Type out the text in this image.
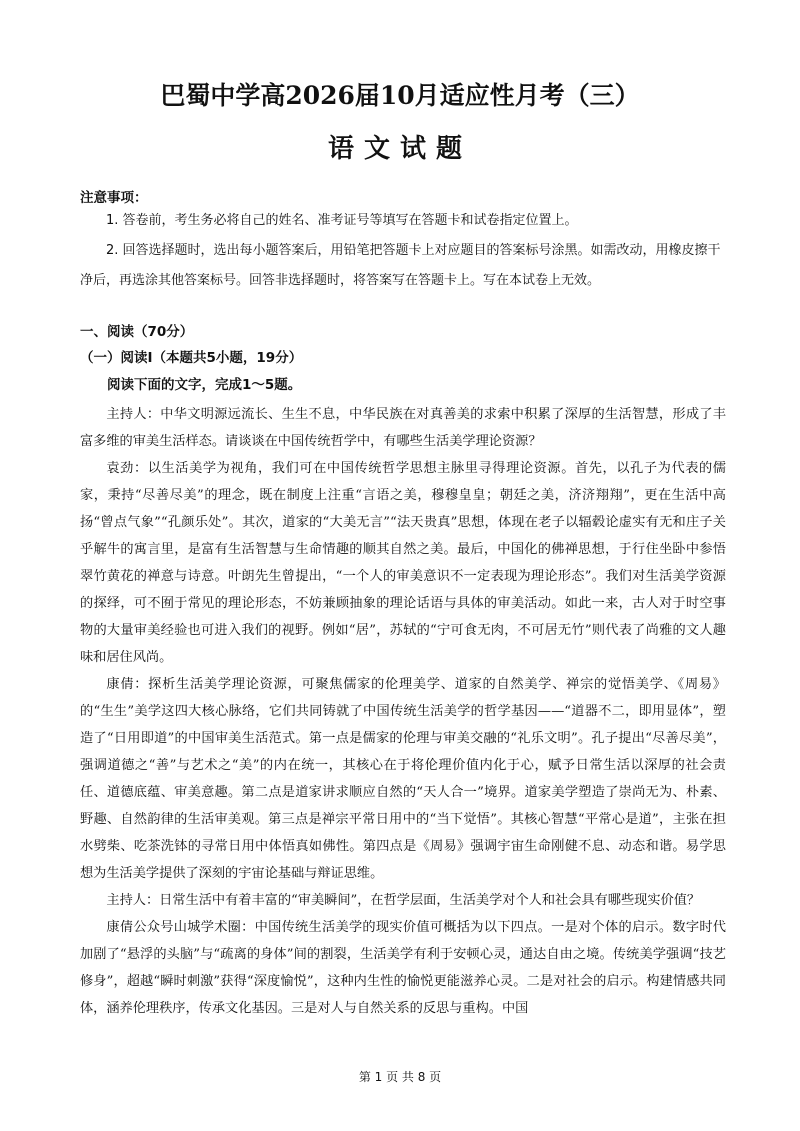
巴蜀中学高2026届10月适应性月考（三）
语文试题
注意事项：

1. 答卷前，考生务必将自己的姓名、准考证号等填写在答题卡和试卷指定位置上。

2. 回答选择题时，选出每小题答案后，用铅笔把答题卡上对应题目的答案标号涂黑。如需改动，用橡皮擦干净后，再选涂其他答案标号。回答非选择题时，将答案写在答题卡上。写在本试卷上无效。

一、阅读（70分）
（一）阅读Ⅰ（本题共5小题，19分）
阅读下面的文字，完成1～5题。

主持人：中华文明源远流长、生生不息，中华民族在对真善美的求索中积累了深厚的生活智慧，形成了丰富多维的审美生活样态。请谈谈在中国传统哲学中，有哪些生活美学理论资源？

袁劲：以生活美学为视角，我们可在中国传统哲学思想主脉里寻得理论资源。首先，以孔子为代表的儒家，秉持“尽善尽美”的理念，既在制度上注重“言语之美，穆穆皇皇；朝廷之美，济济翔翔”，更在生活中高扬“曾点气象”“孔颜乐处”。其次，道家的“大美无言”“法天贵真”思想，体现在老子以辐毂论虚实有无和庄子关乎解牛的寓言里，是富有生活智慧与生命情趣的顺其自然之美。最后，中国化的佛禅思想，于行住坐卧中参悟翠竹黄花的禅意与诗意。叶朗先生曾提出，“一个人的审美意识不一定表现为理论形态”。我们对生活美学资源的探绎，可不囿于常见的理论形态，不妨兼顾抽象的理论话语与具体的审美活动。如此一来，古人对于时空事物的大量审美经验也可进入我们的视野。例如“居”，苏轼的“宁可食无肉，不可居无竹”则代表了尚雅的文人趣味和居住风尚。

康倩：探析生活美学理论资源，可聚焦儒家的伦理美学、道家的自然美学、禅宗的觉悟美学、《周易》的“生生”美学这四大核心脉络，它们共同铸就了中国传统生活美学的哲学基因——“道器不二，即用显体”，塑造了“日用即道”的中国审美生活范式。第一点是儒家的伦理与审美交融的“礼乐文明”。孔子提出“尽善尽美”，强调道德之“善”与艺术之“美”的内在统一，其核心在于将伦理价值内化于心，赋予日常生活以深厚的社会责任、道德底蕴、审美意趣。第二点是道家讲求顺应自然的“天人合一”境界。道家美学塑造了崇尚无为、朴素、野趣、自然韵律的生活审美观。第三点是禅宗平常日用中的“当下觉悟”。其核心智慧“平常心是道”，主张在担水劈柴、吃茶洗钵的寻常日用中体悟真如佛性。第四点是《周易》强调宇宙生命刚健不息、动态和谐。易学思想为生活美学提供了深刻的宇宙论基础与辩证思维。

主持人：日常生活中有着丰富的“审美瞬间”，在哲学层面，生活美学对个人和社会具有哪些现实价值？

康倩公众号山城学术圈：中国传统生活美学的现实价值可概括为以下四点。一是对个体的启示。数字时代加剧了“悬浮的头脑”与“疏离的身体”间的割裂，生活美学有利于安顿心灵，通达自由之境。传统美学强调“技艺修身”，超越“瞬时刺激”获得“深度愉悦”，这种内生性的愉悦更能滋养心灵。二是对社会的启示。构建情感共同体，涵养伦理秩序，传承文化基因。三是对人与自然关系的反思与重构。中国

第 1 页 共 8 页
